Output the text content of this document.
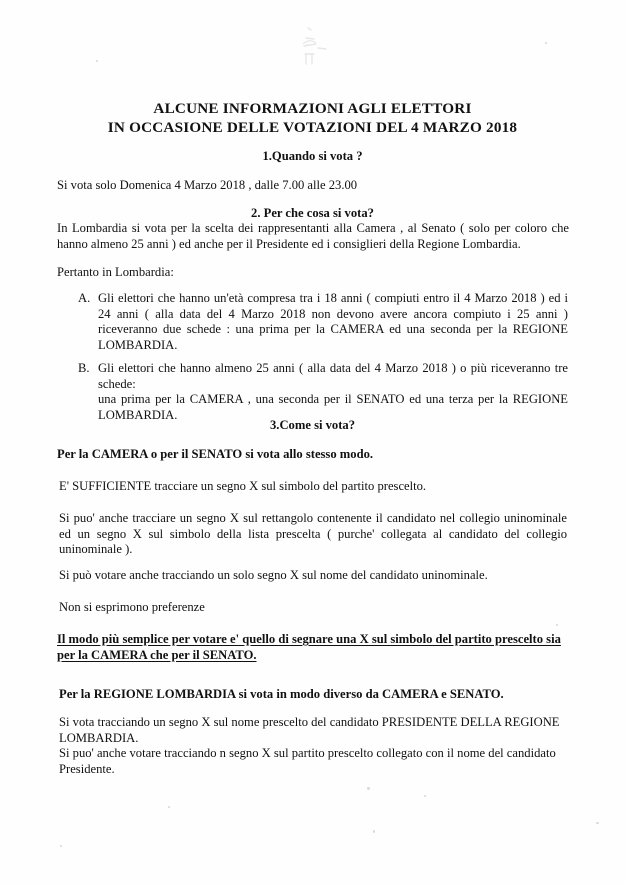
ALCUNE INFORMAZIONI AGLI ELETTORI
IN OCCASIONE DELLE VOTAZIONI DEL 4 MARZO 2018
1.Quando si vota ?
Si vota solo Domenica 4 Marzo 2018 , dalle 7.00 alle 23.00
2. Per che cosa si vota?
In Lombardia si vota per la scelta dei rappresentanti alla Camera , al Senato ( solo per coloro che hanno almeno 25 anni ) ed anche per il Presidente ed i consiglieri della Regione Lombardia.
Pertanto in Lombardia:
A. Gli elettori che hanno un'età compresa tra i 18 anni ( compiuti entro il 4 Marzo 2018 ) ed i 24 anni ( alla data del 4 Marzo 2018 non devono avere ancora compiuto i 25 anni ) riceveranno due schede : una prima per la CAMERA ed una seconda per la REGIONE LOMBARDIA.
B. Gli elettori che hanno almeno 25 anni ( alla data del 4 Marzo 2018 ) o più riceveranno tre schede:
una prima per la CAMERA , una seconda per il SENATO ed una terza per la REGIONE LOMBARDIA.
3.Come si vota?
Per la CAMERA o per il SENATO si vota allo stesso modo.
E' SUFFICIENTE tracciare un segno X sul simbolo del partito prescelto.
Si puo' anche tracciare un segno X sul rettangolo contenente il candidato nel collegio uninominale ed un segno X sul simbolo della lista prescelta ( purche' collegata al candidato del collegio uninominale ).
Si può votare anche tracciando un solo segno X sul nome del candidato uninominale.
Non si esprimono preferenze
Il modo più semplice per votare e' quello di segnare una X sul simbolo del partito prescelto sia
per la CAMERA che per il SENATO.
Per la REGIONE LOMBARDIA si vota in modo diverso da CAMERA e SENATO.
Si vota tracciando un segno X sul nome prescelto del candidato PRESIDENTE DELLA REGIONE LOMBARDIA.
Si puo' anche votare tracciando n segno X sul partito prescelto collegato con il nome del candidato Presidente.
